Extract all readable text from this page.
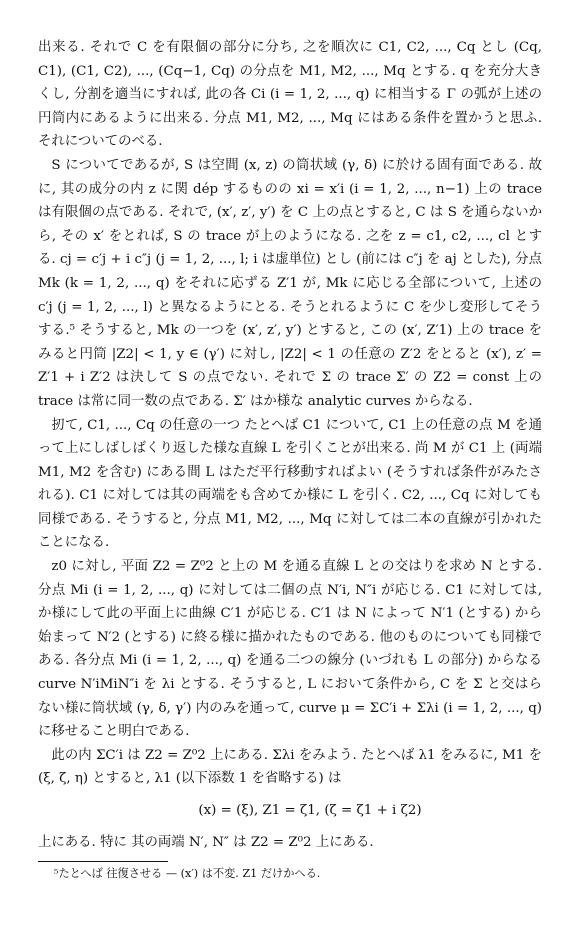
出来る. それで C を有限個の部分に分ち, 之を順次に C1, C2, ..., Cq とし (Cq, C1), (C1, C2), ..., (Cq−1, Cq) の分点を M1, M2, ..., Mq とする. q を充分大きくし, 分割を適当にすれば, 此の各 Ci (i = 1, 2, ..., q) に相当する Γ の弧が上述の円筒内にあるように出来る. 分点 M1, M2, ..., Mq にはある条件を置かうと思ふ. それについてのべる.

S についてであるが, S は空間 (x, z) の筒状域 (γ, δ) に於ける固有面である. 故に, 其の成分の内 z に関 dép するものの xi = x′i (i = 1, 2, ..., n−1) 上の trace は有限個の点である. それで, (x′, z′, y′) を C 上の点とすると, C は S を通らないから, その x′ をとれば, S の trace が上のようになる. 之を z = c1, c2, ..., cl とする. cj = c′j + i c″j (j = 1, 2, ..., l; i は虚単位) とし (前には c″j を aj とした), 分点 Mk (k = 1, 2, ..., q) をそれに応ずる Z′1 が, Mk に応じる全部について, 上述の c′j (j = 1, 2, ..., l) と異なるようにとる. そうとれるように C を少し変形してそうする.⁵ そうすると, Mk の一つを (x′, z′, y′) とすると, この (x′, Z′1) 上の trace をみると円筒 |Z2| < 1, y ∈ (γ′) に対し, |Z2| < 1 の任意の Z′2 をとると (x′), z′ = Z′1 + i Z′2 は決して S の点でない. それで Σ の trace Σ′ の Z2 = const 上の trace は常に同一数の点である. Σ′ はか様な analytic curves からなる.

扨て, C1, ..., Cq の任意の一つ たとへば C1 について, C1 上の任意の点 M を通って上にしばしばくり返した様な直線 L を引くことが出来る. 尚 M が C1 上 (両端 M1, M2 を含む) にある間 L はただ平行移動すればよい (そうすれば条件がみたされる). C1 に対しては其の両端をも含めてか様に L を引く. C2, ..., Cq に対しても同様である. そうすると, 分点 M1, M2, ..., Mq に対しては二本の直線が引かれたことになる.

z0 に対し, 平面 Z2 = Z⁰2 と上の M を通る直線 L との交はりを求め N とする. 分点 Mi (i = 1, 2, ..., q) に対しては二個の点 N′i, N″i が応じる. C1 に対しては, か様にして此の平面上に曲線 C′1 が応じる. C′1 は N によって N′1 (とする) から始まって N′2 (とする) に終る様に描かれたものである. 他のものについても同様である. 各分点 Mi (i = 1, 2, ..., q) を通る二つの線分 (いづれも L の部分) からなる curve N′iMiN″i を λi とする. そうすると, L において条件から, C を Σ と交はらない様に筒状域 (γ, δ, γ′) 内のみを通って, curve μ = ΣC′i + Σλi (i = 1, 2, ..., q) に移せること明白である.

此の内 ΣC′i は Z2 = Z⁰2 上にある. Σλi をみよう. たとへば λ1 をみるに, M1 を (ξ, ζ, η) とすると, λ1 (以下添数 1 を省略する) は

(x) = (ξ), Z1 = ζ1, (ζ = ζ1 + i ζ2)

上にある. 特に 其の両端 N′, N″ は Z2 = Z⁰2 上にある.

⁵たとへば 往復させる — (x′) は不変. Z1 だけかへる.
